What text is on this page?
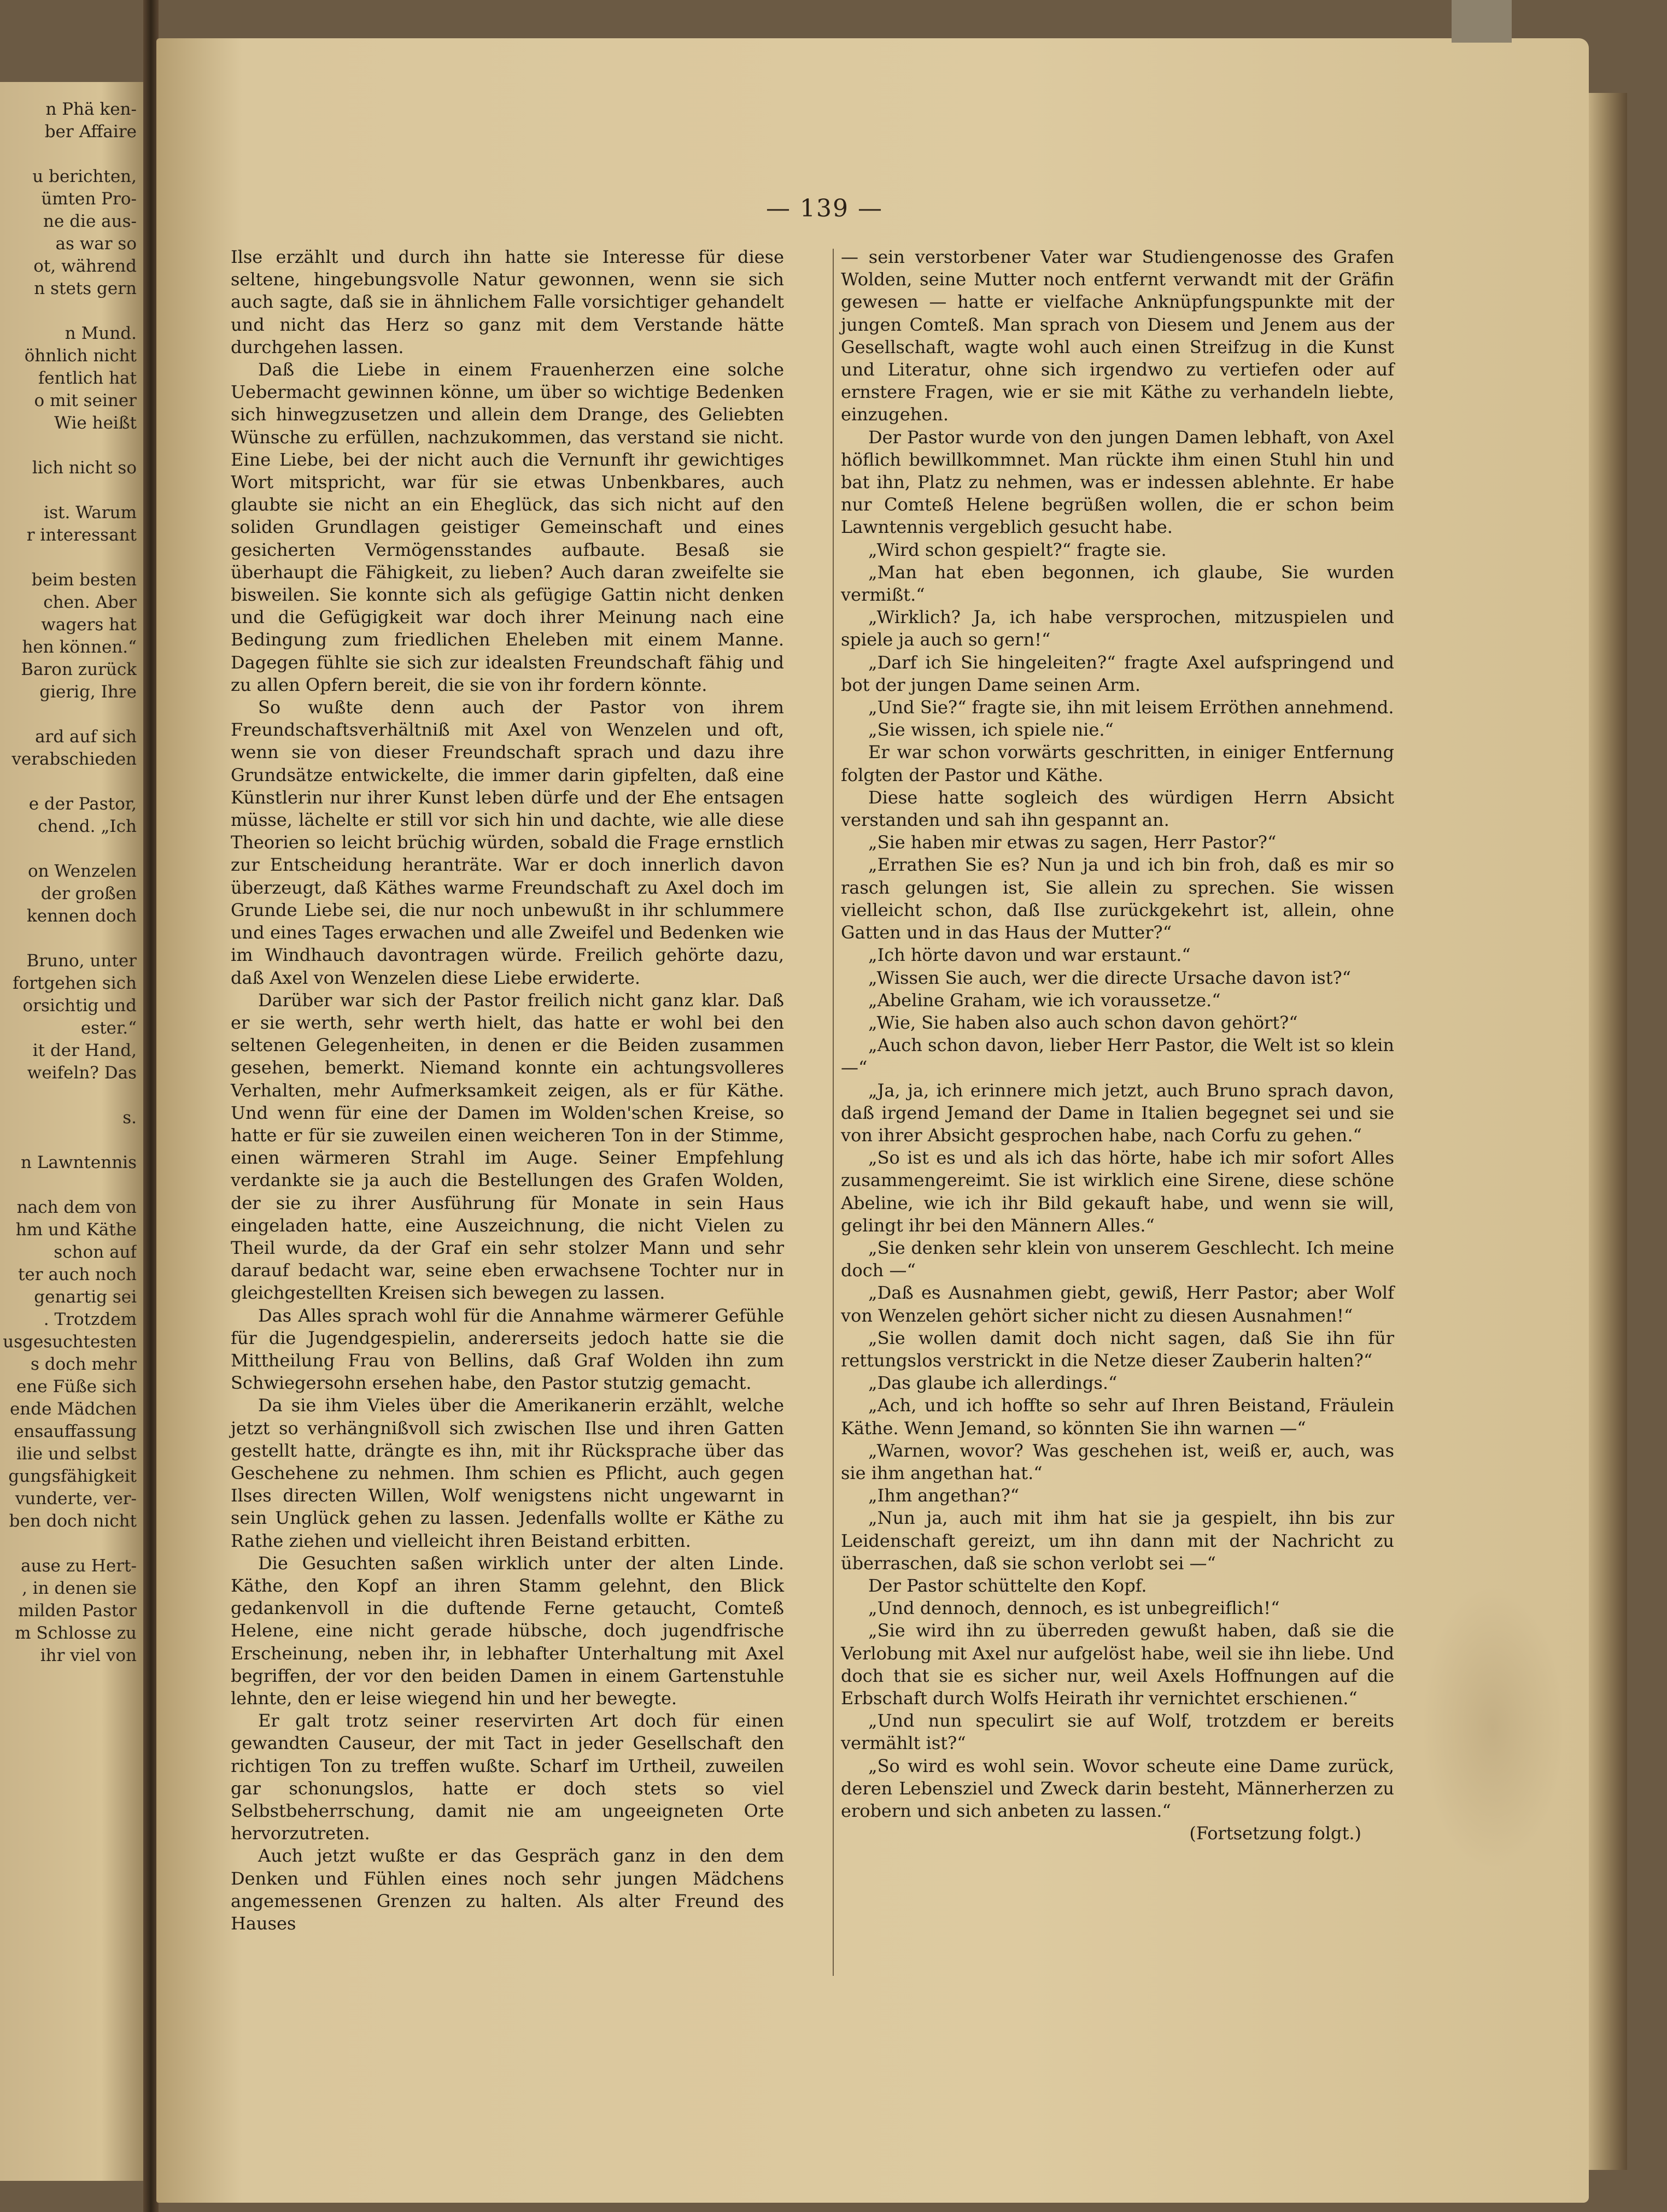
n Phä ken-
ber Affaire
u berichten,
ümten Pro-
ne die aus-
as war so
ot, während
n stets gern
n Mund.
öhnlich nicht
fentlich hat
o mit seiner
Wie heißt
lich nicht so
ist. Warum
r interessant
beim besten
chen. Aber
wagers hat
hen können.“
Baron zurück
gierig, Ihre
ard auf sich
verabschieden
e der Pastor,
chend. „Ich
on Wenzelen
der großen
kennen doch
Bruno, unter
fortgehen sich
orsichtig und
ester.“
it der Hand,
weifeln? Das
s.
n Lawntennis
nach dem von
hm und Käthe
schon auf
ter auch noch
genartig sei
. Trotzdem
usgesuchtesten
s doch mehr
ene Füße sich
ende Mädchen
ensauffassung
ilie und selbst
gungsfähigkeit
vunderte, ver-
ben doch nicht
ause zu Hert-
, in denen sie
milden Pastor
m Schlosse zu
ihr viel von
— 139 —

Ilse erzählt und durch ihn hatte sie Interesse für diese seltene, hingebungsvolle Natur gewonnen, wenn sie sich auch sagte, daß sie in ähnlichem Falle vorsichtiger gehandelt und nicht das Herz so ganz mit dem Verstande hätte durchgehen lassen.

Daß die Liebe in einem Frauenherzen eine solche Uebermacht gewinnen könne, um über so wichtige Bedenken sich hinwegzusetzen und allein dem Drange, des Geliebten Wünsche zu erfüllen, nachzukommen, das verstand sie nicht. Eine Liebe, bei der nicht auch die Vernunft ihr gewichtiges Wort mitspricht, war für sie etwas Unbenkbares, auch glaubte sie nicht an ein Eheglück, das sich nicht auf den soliden Grundlagen geistiger Gemeinschaft und eines gesicherten Vermögensstandes aufbaute. Besaß sie überhaupt die Fähigkeit, zu lieben? Auch daran zweifelte sie bisweilen. Sie konnte sich als gefügige Gattin nicht denken und die Gefügigkeit war doch ihrer Meinung nach eine Bedingung zum friedlichen Eheleben mit einem Manne. Dagegen fühlte sie sich zur idealsten Freundschaft fähig und zu allen Opfern bereit, die sie von ihr fordern könnte.

So wußte denn auch der Pastor von ihrem Freundschaftsverhältniß mit Axel von Wenzelen und oft, wenn sie von dieser Freundschaft sprach und dazu ihre Grundsätze entwickelte, die immer darin gipfelten, daß eine Künstlerin nur ihrer Kunst leben dürfe und der Ehe entsagen müsse, lächelte er still vor sich hin und dachte, wie alle diese Theorien so leicht brüchig würden, sobald die Frage ernstlich zur Entscheidung heranträte. War er doch innerlich davon überzeugt, daß Käthes warme Freundschaft zu Axel doch im Grunde Liebe sei, die nur noch unbewußt in ihr schlummere und eines Tages erwachen und alle Zweifel und Bedenken wie im Windhauch davontragen würde. Freilich gehörte dazu, daß Axel von Wenzelen diese Liebe erwiderte.

Darüber war sich der Pastor freilich nicht ganz klar. Daß er sie werth, sehr werth hielt, das hatte er wohl bei den seltenen Gelegenheiten, in denen er die Beiden zusammen gesehen, bemerkt. Niemand konnte ein achtungsvolleres Verhalten, mehr Aufmerksamkeit zeigen, als er für Käthe. Und wenn für eine der Damen im Wolden'schen Kreise, so hatte er für sie zuweilen einen weicheren Ton in der Stimme, einen wärmeren Strahl im Auge. Seiner Empfehlung verdankte sie ja auch die Bestellungen des Grafen Wolden, der sie zu ihrer Ausführung für Monate in sein Haus eingeladen hatte, eine Auszeichnung, die nicht Vielen zu Theil wurde, da der Graf ein sehr stolzer Mann und sehr darauf bedacht war, seine eben erwachsene Tochter nur in gleichgestellten Kreisen sich bewegen zu lassen.

Das Alles sprach wohl für die Annahme wärmerer Gefühle für die Jugendgespielin, andererseits jedoch hatte sie die Mittheilung Frau von Bellins, daß Graf Wolden ihn zum Schwiegersohn ersehen habe, den Pastor stutzig gemacht.

Da sie ihm Vieles über die Amerikanerin erzählt, welche jetzt so verhängnißvoll sich zwischen Ilse und ihren Gatten gestellt hatte, drängte es ihn, mit ihr Rücksprache über das Geschehene zu nehmen. Ihm schien es Pflicht, auch gegen Ilses directen Willen, Wolf wenigstens nicht ungewarnt in sein Unglück gehen zu lassen. Jedenfalls wollte er Käthe zu Rathe ziehen und vielleicht ihren Beistand erbitten.

Die Gesuchten saßen wirklich unter der alten Linde. Käthe, den Kopf an ihren Stamm gelehnt, den Blick gedankenvoll in die duftende Ferne getaucht, Comteß Helene, eine nicht gerade hübsche, doch jugendfrische Erscheinung, neben ihr, in lebhafter Unterhaltung mit Axel begriffen, der vor den beiden Damen in einem Gartenstuhle lehnte, den er leise wiegend hin und her bewegte.

Er galt trotz seiner reservirten Art doch für einen gewandten Causeur, der mit Tact in jeder Gesellschaft den richtigen Ton zu treffen wußte. Scharf im Urtheil, zuweilen gar schonungslos, hatte er doch stets so viel Selbstbeherrschung, damit nie am ungeeigneten Orte hervorzutreten.

Auch jetzt wußte er das Gespräch ganz in den dem Denken und Fühlen eines noch sehr jungen Mädchens angemessenen Grenzen zu halten. Als alter Freund des Hauses

— sein verstorbener Vater war Studiengenosse des Grafen Wolden, seine Mutter noch entfernt verwandt mit der Gräfin gewesen — hatte er vielfache Anknüpfungspunkte mit der jungen Comteß. Man sprach von Diesem und Jenem aus der Gesellschaft, wagte wohl auch einen Streifzug in die Kunst und Literatur, ohne sich irgendwo zu vertiefen oder auf ernstere Fragen, wie er sie mit Käthe zu verhandeln liebte, einzugehen.

Der Pastor wurde von den jungen Damen lebhaft, von Axel höflich bewillkommnet. Man rückte ihm einen Stuhl hin und bat ihn, Platz zu nehmen, was er indessen ablehnte. Er habe nur Comteß Helene begrüßen wollen, die er schon beim Lawntennis vergeblich gesucht habe.

„Wird schon gespielt?“ fragte sie.

„Man hat eben begonnen, ich glaube, Sie wurden vermißt.“

„Wirklich? Ja, ich habe versprochen, mitzuspielen und spiele ja auch so gern!“

„Darf ich Sie hingeleiten?“ fragte Axel aufspringend und bot der jungen Dame seinen Arm.

„Und Sie?“ fragte sie, ihn mit leisem Erröthen annehmend.

„Sie wissen, ich spiele nie.“

Er war schon vorwärts geschritten, in einiger Entfernung folgten der Pastor und Käthe.

Diese hatte sogleich des würdigen Herrn Absicht verstanden und sah ihn gespannt an.

„Sie haben mir etwas zu sagen, Herr Pastor?“

„Errathen Sie es? Nun ja und ich bin froh, daß es mir so rasch gelungen ist, Sie allein zu sprechen. Sie wissen vielleicht schon, daß Ilse zurückgekehrt ist, allein, ohne Gatten und in das Haus der Mutter?“

„Ich hörte davon und war erstaunt.“

„Wissen Sie auch, wer die directe Ursache davon ist?“

„Abeline Graham, wie ich voraussetze.“

„Wie, Sie haben also auch schon davon gehört?“

„Auch schon davon, lieber Herr Pastor, die Welt ist so klein —“

„Ja, ja, ich erinnere mich jetzt, auch Bruno sprach davon, daß irgend Jemand der Dame in Italien begegnet sei und sie von ihrer Absicht gesprochen habe, nach Corfu zu gehen.“

„So ist es und als ich das hörte, habe ich mir sofort Alles zusammengereimt. Sie ist wirklich eine Sirene, diese schöne Abeline, wie ich ihr Bild gekauft habe, und wenn sie will, gelingt ihr bei den Männern Alles.“

„Sie denken sehr klein von unserem Geschlecht. Ich meine doch —“

„Daß es Ausnahmen giebt, gewiß, Herr Pastor; aber Wolf von Wenzelen gehört sicher nicht zu diesen Ausnahmen!“

„Sie wollen damit doch nicht sagen, daß Sie ihn für rettungslos verstrickt in die Netze dieser Zauberin halten?“

„Das glaube ich allerdings.“

„Ach, und ich hoffte so sehr auf Ihren Beistand, Fräulein Käthe. Wenn Jemand, so könnten Sie ihn warnen —“

„Warnen, wovor? Was geschehen ist, weiß er, auch, was sie ihm angethan hat.“

„Ihm angethan?“

„Nun ja, auch mit ihm hat sie ja gespielt, ihn bis zur Leidenschaft gereizt, um ihn dann mit der Nachricht zu überraschen, daß sie schon verlobt sei —“

Der Pastor schüttelte den Kopf.

„Und dennoch, dennoch, es ist unbegreiflich!“

„Sie wird ihn zu überreden gewußt haben, daß sie die Verlobung mit Axel nur aufgelöst habe, weil sie ihn liebe. Und doch that sie es sicher nur, weil Axels Hoffnungen auf die Erbschaft durch Wolfs Heirath ihr vernichtet erschienen.“

„Und nun speculirt sie auf Wolf, trotzdem er bereits vermählt ist?“

„So wird es wohl sein. Wovor scheute eine Dame zurück, deren Lebensziel und Zweck darin besteht, Männerherzen zu erobern und sich anbeten zu lassen.“

(Fortsetzung folgt.)
